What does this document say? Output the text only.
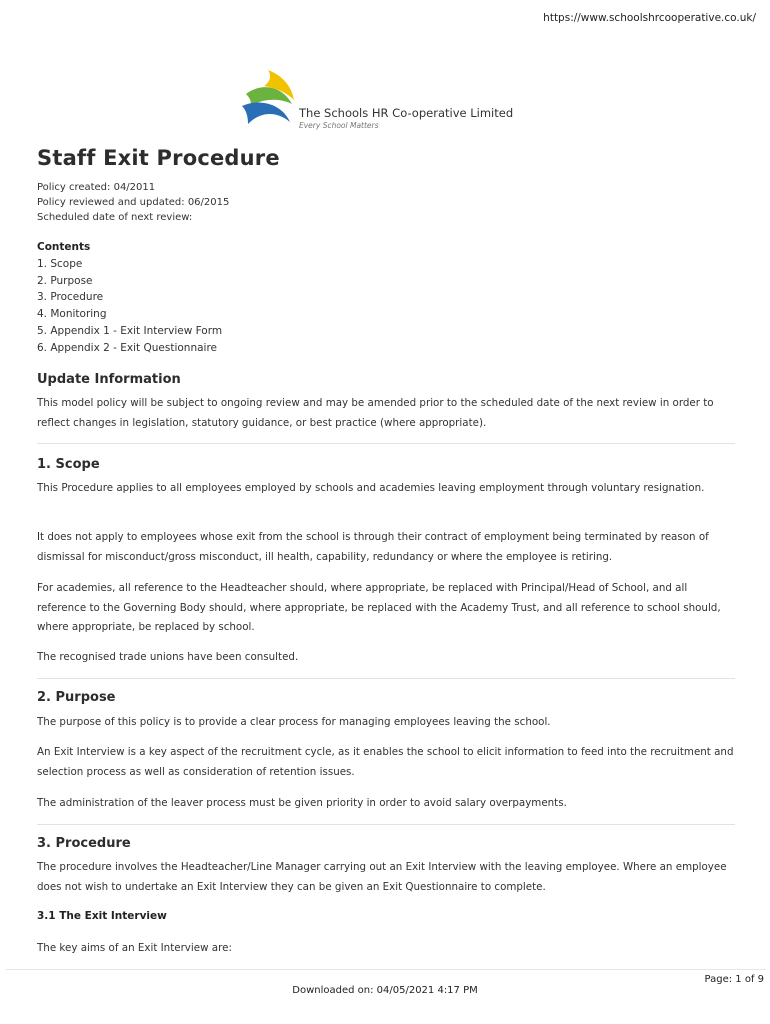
https://www.schoolshrcooperative.co.uk/
The Schools HR Co-operative Limited
Every School Matters
Staff Exit Procedure
Policy created: 04/2011
Policy reviewed and updated: 06/2015
Scheduled date of next review:
Contents
1. Scope
2. Purpose
3. Procedure
4. Monitoring
5. Appendix 1 - Exit Interview Form
6. Appendix 2 - Exit Questionnaire
Update Information

This model policy will be subject to ongoing review and may be amended prior to the scheduled date of the next review in order to reflect changes in legislation, statutory guidance, or best practice (where appropriate).

1. Scope

This Procedure applies to all employees employed by schools and academies leaving employment through voluntary resignation.

It does not apply to employees whose exit from the school is through their contract of employment being terminated by reason of dismissal for misconduct/gross misconduct, ill health, capability, redundancy or where the employee is retiring.

For academies, all reference to the Headteacher should, where appropriate, be replaced with Principal/Head of School, and all reference to the Governing Body should, where appropriate, be replaced with the Academy Trust, and all reference to school should, where appropriate, be replaced by school.

The recognised trade unions have been consulted.

2. Purpose

The purpose of this policy is to provide a clear process for managing employees leaving the school.

An Exit Interview is a key aspect of the recruitment cycle, as it enables the school to elicit information to feed into the recruitment and selection process as well as consideration of retention issues.

The administration of the leaver process must be given priority in order to avoid salary overpayments.

3. Procedure

The procedure involves the Headteacher/Line Manager carrying out an Exit Interview with the leaving employee. Where an employee does not wish to undertake an Exit Interview they can be given an Exit Questionnaire to complete.

3.1 The Exit Interview

The key aims of an Exit Interview are:

Page: 1 of 9
Downloaded on: 04/05/2021 4:17 PM
